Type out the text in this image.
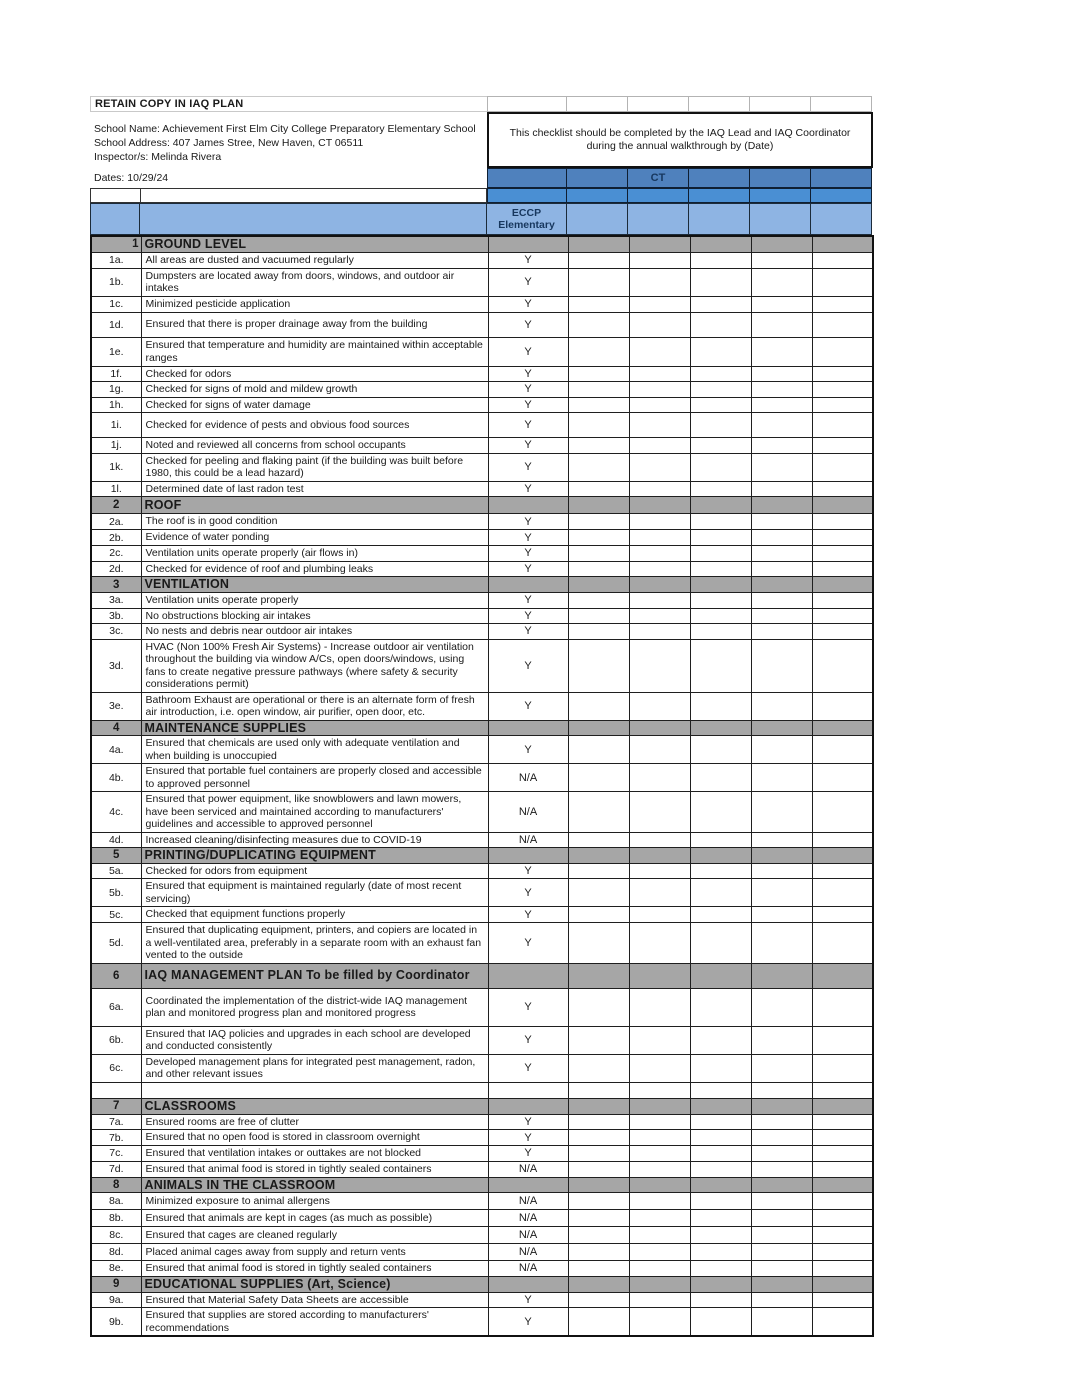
RETAIN COPY IN IAQ PLAN
School Name: Achievement First Elm City College Preparatory Elementary School
School Address: 407 James Stree, New Haven, CT 06511
Inspector/s: Melinda Rivera
Dates: 10/29/24
This checklist should be completed by the IAQ Lead and IAQ Coordinator during the annual walkthrough by (Date)
CT
ECCP Elementary
1	GROUND LEVEL						
1a.	All areas are dusted and vacuumed regularly	Y					
1b.	Dumpsters are located away from doors, windows, and outdoor air intakes	Y					
1c.	Minimized pesticide application	Y					
1d.	Ensured that there is proper drainage away from the building	Y					
1e.	Ensured that temperature and humidity are maintained within acceptable ranges	Y					
1f.	Checked for odors	Y					
1g.	Checked for signs of mold and mildew growth	Y					
1h.	Checked for signs of water damage	Y					
1i.	Checked for evidence of pests and obvious food sources	Y					
1j.	Noted and reviewed all concerns from school occupants	Y					
1k.	Checked for peeling and flaking paint (if the building was built before 1980, this could be a lead hazard)	Y					
1l.	Determined date of last radon test	Y					
2	ROOF						
2a.	The roof is in good condition	Y					
2b.	Evidence of water ponding	Y					
2c.	Ventilation units operate properly (air flows in)	Y					
2d.	Checked for evidence of roof and plumbing leaks	Y					
3	VENTILATION						
3a.	Ventilation units operate properly	Y					
3b.	No obstructions blocking air intakes	Y					
3c.	No nests and debris near outdoor air intakes	Y					
3d.	HVAC (Non 100% Fresh Air Systems) - Increase outdoor air ventilation throughout the building via window A/Cs, open doors/windows, using fans to create negative pressure pathways (where safety & security considerations permit)	Y					
3e.	Bathroom Exhaust are operational or there is an alternate form of fresh air introduction, i.e. open window, air purifier, open door, etc.	Y					
4	MAINTENANCE SUPPLIES						
4a.	Ensured that chemicals are used only with adequate ventilation and when building is unoccupied	Y					
4b.	Ensured that portable fuel containers are properly closed and accessible to approved personnel	N/A					
4c.	Ensured that power equipment, like snowblowers and lawn mowers, have been serviced and maintained according to manufacturers' guidelines and accessible to approved personnel	N/A					
4d.	Increased cleaning/disinfecting measures due to COVID-19	N/A					
5	PRINTING/DUPLICATING EQUIPMENT						
5a.	Checked for odors from equipment	Y					
5b.	Ensured that equipment is maintained regularly (date of most recent servicing)	Y					
5c.	Checked that equipment functions properly	Y					
5d.	Ensured that duplicating equipment, printers, and copiers are located in a well-ventilated area, preferably in a separate room with an exhaust fan vented to the outside	Y					
6	IAQ MANAGEMENT PLAN To be filled by Coordinator						
6a.	Coordinated the implementation of the district-wide IAQ management plan and monitored progress plan and monitored progress	Y					
6b.	Ensured that IAQ policies and upgrades in each school are developed and conducted consistently	Y					
6c.	Developed management plans for integrated pest management, radon, and other relevant issues	Y					

7	CLASSROOMS						
7a.	Ensured rooms are free of clutter	Y					
7b.	Ensured that no open food is stored in classroom overnight	Y					
7c.	Ensured that ventilation intakes or outtakes are not blocked	Y					
7d.	Ensured that animal food is stored in tightly sealed containers	N/A					
8	ANIMALS IN THE CLASSROOM						
8a.	Minimized exposure to animal allergens	N/A					
8b.	Ensured that animals are kept in cages (as much as possible)	N/A					
8c.	Ensured that cages are cleaned regularly	N/A					
8d.	Placed animal cages away from supply and return vents	N/A					
8e.	Ensured that animal food is stored in tightly sealed containers	N/A					
9	EDUCATIONAL SUPPLIES (Art, Science)						
9a.	Ensured that Material Safety Data Sheets are accessible	Y					
9b.	Ensured that supplies are stored according to manufacturers' recommendations	Y					
